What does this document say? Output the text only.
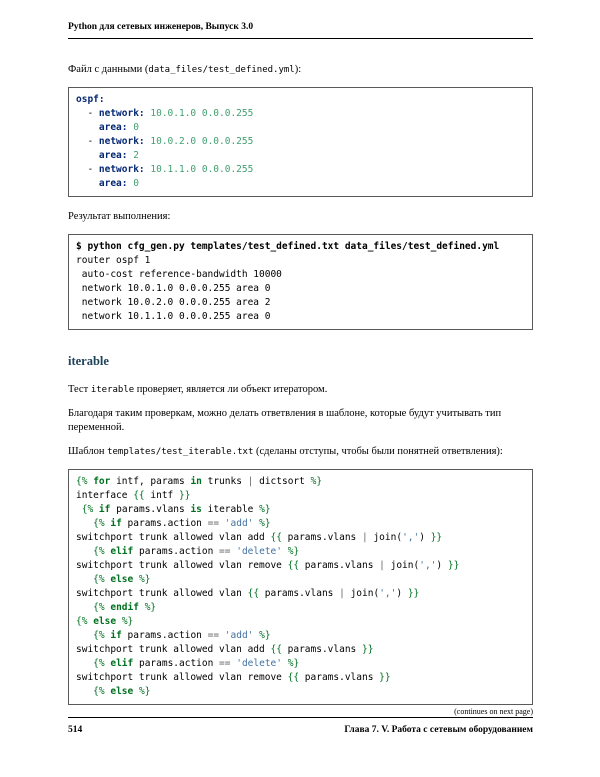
Python для сетевых инженеров, Выпуск 3.0

Файл с данными (data_files/test_defined.yml):

ospf:
- network: 10.0.1.0 0.0.0.255
area: 0
- network: 10.0.2.0 0.0.0.255
area: 2
- network: 10.1.1.0 0.0.0.255
area: 0

Результат выполнения:

$ python cfg_gen.py templates/test_defined.txt data_files/test_defined.yml
router ospf 1
auto-cost reference-bandwidth 10000
network 10.0.1.0 0.0.0.255 area 0
network 10.0.2.0 0.0.0.255 area 2
network 10.1.1.0 0.0.0.255 area 0
iterable

Тест iterable проверяет, является ли объект итератором.

Благодаря таким проверкам, можно делать ответвления в шаблоне, которые будут учитывать тип переменной.

Шаблон templates/test_iterable.txt (сделаны отступы, чтобы были понятней ответвления):

{% for intf, params in trunks | dictsort %}
interface {{ intf }}
{% if params.vlans is iterable %}
{% if params.action == 'add' %}
switchport trunk allowed vlan add {{ params.vlans | join(',') }}
{% elif params.action == 'delete' %}
switchport trunk allowed vlan remove {{ params.vlans | join(',') }}
{% else %}
switchport trunk allowed vlan {{ params.vlans | join(',') }}
{% endif %}
{% else %}
{% if params.action == 'add' %}
switchport trunk allowed vlan add {{ params.vlans }}
{% elif params.action == 'delete' %}
switchport trunk allowed vlan remove {{ params.vlans }}
{% else %}
(continues on next page)
514	Глава 7. V. Работа с сетевым оборудованием
